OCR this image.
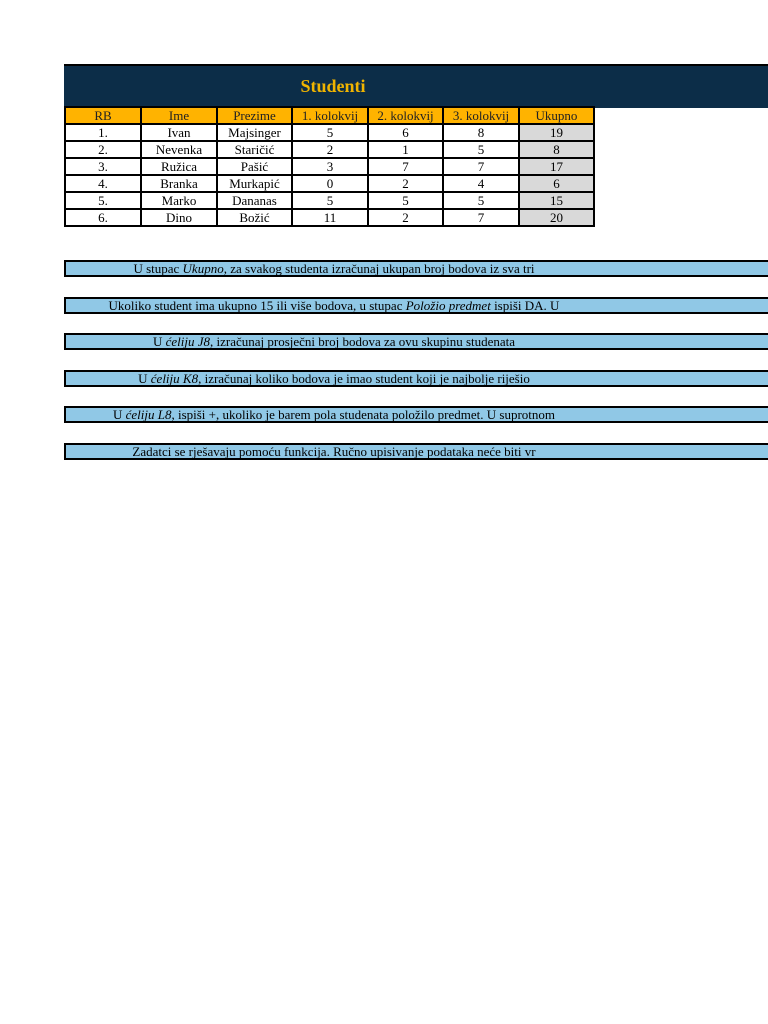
Studenti
RB	Ime	Prezime	1. kolokvij	2. kolokvij	3. kolokvij	Ukupno
1.	Ivan	Majsinger	5	6	8	19
2.	Nevenka	Staričić	2	1	5	8
3.	Ružica	Pašić	3	7	7	17
4.	Branka	Murkapić	0	2	4	6
5.	Marko	Dananas	5	5	5	15
6.	Dino	Božić	11	2	7	20
U stupac Ukupno, za svakog studenta izračunaj ukupan broj bodova iz sva tri
Ukoliko student ima ukupno 15 ili više bodova, u stupac Položio predmet ispiši DA. U
U ćeliju J8, izračunaj prosječni broj bodova za ovu skupinu studenata
U ćeliju K8, izračunaj koliko bodova je imao student koji je najbolje riješio
U ćeliju L8, ispiši +, ukoliko je barem pola studenata položilo predmet. U suprotnom
Zadatci se rješavaju pomoću funkcija. Ručno upisivanje podataka neće biti vr
